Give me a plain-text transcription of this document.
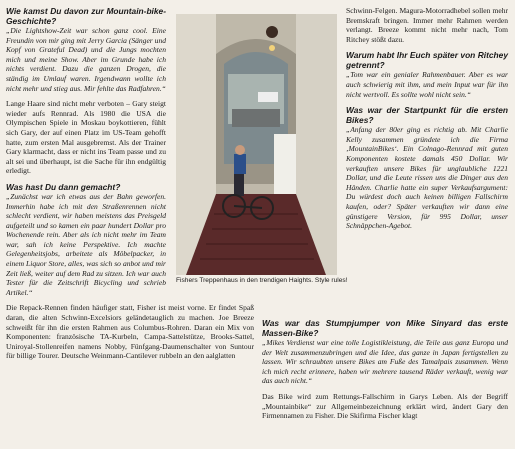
Wie kamst Du davon zur Mountain-bike-Geschichte?

„Die Lightshow-Zeit war schon ganz cool. Eine Freundin von mir ging mit Jerry Garcia (Sänger und Kopf von Grateful Dead) und die Jungs mochten mich und meine Show. Aber im Grunde habe ich nichts verdient. Dazu die ganzen Drogen, die ständig im Umlauf waren. Irgendwann wollte ich nicht mehr und stieg aus. Mir fehlte das Radfahren.“

Lange Haare sind nicht mehr verboten – Gary steigt wieder aufs Rennrad. Als 1980 die USA die Olympischen Spiele in Moskau boykottieren, fühlt sich Gary, der auf einen Platz im US-Team gehofft hatte, zum ersten Mal ausgebremst. Als der Trainer Gary klarmacht, dass er nicht ins Team passe und zu alt sei und überhaupt, ist die Sache für ihn endgültig erledigt.

Was hast Du dann gemacht?

„Zunächst war ich etwas aus der Bahn geworfen. Immerhin habe ich mit den Straßenrennen nicht schlecht verdient, wir haben meistens das Preisgeld aufgeteilt und so kamen ein paar hundert Dollar pro Wochenende rein. Aber als ich nicht mehr im Team war, sah ich keine Perspektive. Ich machte Gelegenheitsjobs, arbeitete als Möbelpacker, in einem Liquor Store, alles, was sich so anbot und mir Zeit ließ, weiter auf dem Rad zu sitzen. Ich war auch Tester für die Zeitschrift Bicycling und schrieb Artikel.“

Die Repack-Rennen finden häufiger statt, Fisher ist meist vorne. Er findet Spaß daran, die alten Schwinn-Excelsiors geländetauglich zu machen. Joe Breeze schweißt für ihn die ersten Rahmen aus Columbus-Rohren. Daran ein Mix von Komponenten: französische TA-Kurbeln, Campa-Sattelstütze, Brooks-Sattel, Uniroyal-Stollenreifen namens Nobby, Fünfgang-Daumenschalter von Suntour für billige Tourer. Deutsche Weinmann-Cantilever rubbeln an den aalglatten

Fishers Treppenhaus in den trendigen Haights. Style rules!

Schwinn-Felgen. Magura-Motorradhebel sollen mehr Bremskraft bringen. Immer mehr Rahmen werden verlangt. Breeze kommt nicht mehr nach, Tom Ritchey stößt dazu.

Warum habt Ihr Euch später von Ritchey getrennt?

„Tom war ein genialer Rahmenbauer. Aber es war auch schwierig mit ihm, und mein Input war für ihn nicht wertvoll. Es sollte wohl nicht sein.“

Was war der Startpunkt für die ersten Bikes?

„Anfang der 80er ging es richtig ab. Mit Charlie Kelly zusammen gründete ich die Firma ‚MountainBikes‘. Ein Colnago-Rennrad mit guten Komponenten kostete damals 450 Dollar. Wir verkauften unsere Bikes für unglaubliche 1221 Dollar, und die Leute rissen uns die Dinger aus den Händen. Charlie hatte ein super Verkaufsargument: Du würdest doch auch keinen billigen Fallschirm kaufen, oder? Später verkauften wir dann eine günstigere Version, für 995 Dollar, unser Schnäppchen-Agebot.

Was war das Stumpjumper von Mike Sinyard das erste Massen-Bike?

„Mikes Verdienst war eine tolle Logistikleistung, die Teile aus ganz Europa und der Welt zusammenzubringen und die Idee, das ganze in Japan fertigstellen zu lassen. Wir schraubten unsere Bikes am Fuße des Tamalpais zusammen. Wenn ich mich recht erinnere, haben wir mehrere tausend Räder verkauft, wenig war das auch nicht.“

Das Bike wird zum Rettungs-Fallschirm in Garys Leben. Als der Begriff „Mountainbike“ zur Allgemeinbezeichnung erklärt wird, ändert Gary den Firmennamen zu Fisher. Die Skifirma Fischer klagt
